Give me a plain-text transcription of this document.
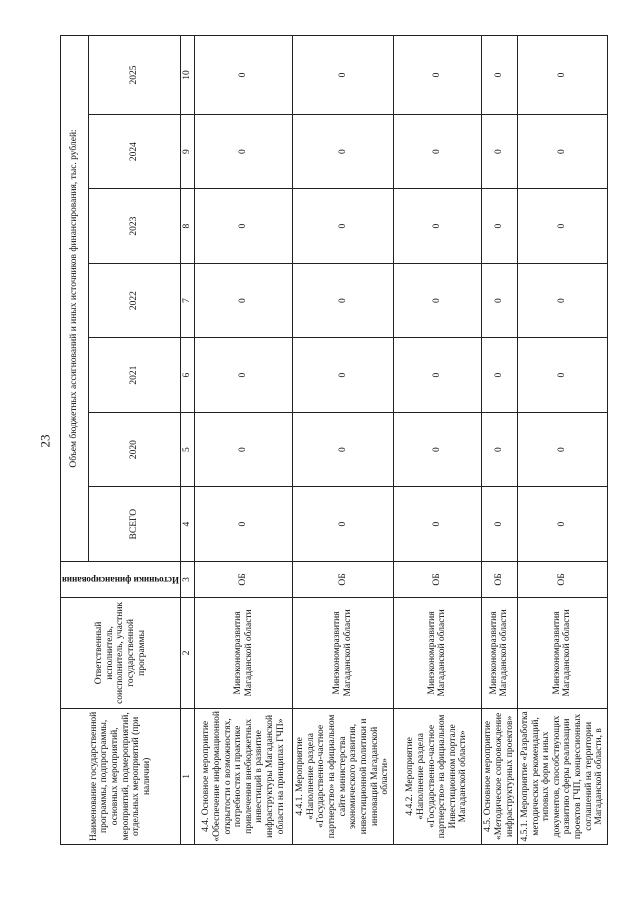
23
Наименование государственной программы, подпрограммы, основных мероприятий, мероприятий, подмероприятий, отдельных мероприятий (при наличии)	Ответственный исполнитель, соисполнитель, участник государственной программы	Источники финансирования	Объем бюджетных ассигнований и иных источников финансирования, тыс. рублей:						
			ВСЕГО	2020	2021	2022	2023	2024	2025
1	2	3	4	5	6	7	8	9	10
4.4. Основное мероприятие «Обеспечение информационной открытости о возможностях, потребностях и практике привлечения внебюджетных инвестиций в развитие инфраструктуры Магаданской области на принципах ГЧП»	Минэкономразвития Магаданской области	ОБ	0	0	0	0	0	0	0
4.4.1. Мероприятие «Наполнение раздела «Государственно-частное партнерство» на официальном сайте министерства экономического развития, инвестиционной политики и инноваций Магаданской области»	Минэкономразвития Магаданской области	ОБ	0	0	0	0	0	0	0
4.4.2. Мероприятие «Наполнение раздела «Государственно-частное партнерство» на официальном Инвестиционном портале Магаданской области»	Минэкономразвития Магаданской области	ОБ	0	0	0	0	0	0	0
4.5. Основное мероприятие «Методическое сопровождение инфраструктурных проектов»	Минэкономразвития Магаданской области	ОБ	0	0	0	0	0	0	0
4.5.1. Мероприятие «Разработка методических рекомендаций, типовых форм и иных документов, способствующих развитию сферы реализации проектов ГЧП, концессионных соглашений на территории Магаданской области, в	Минэкономразвития Магаданской области	ОБ	0	0	0	0	0	0	0
